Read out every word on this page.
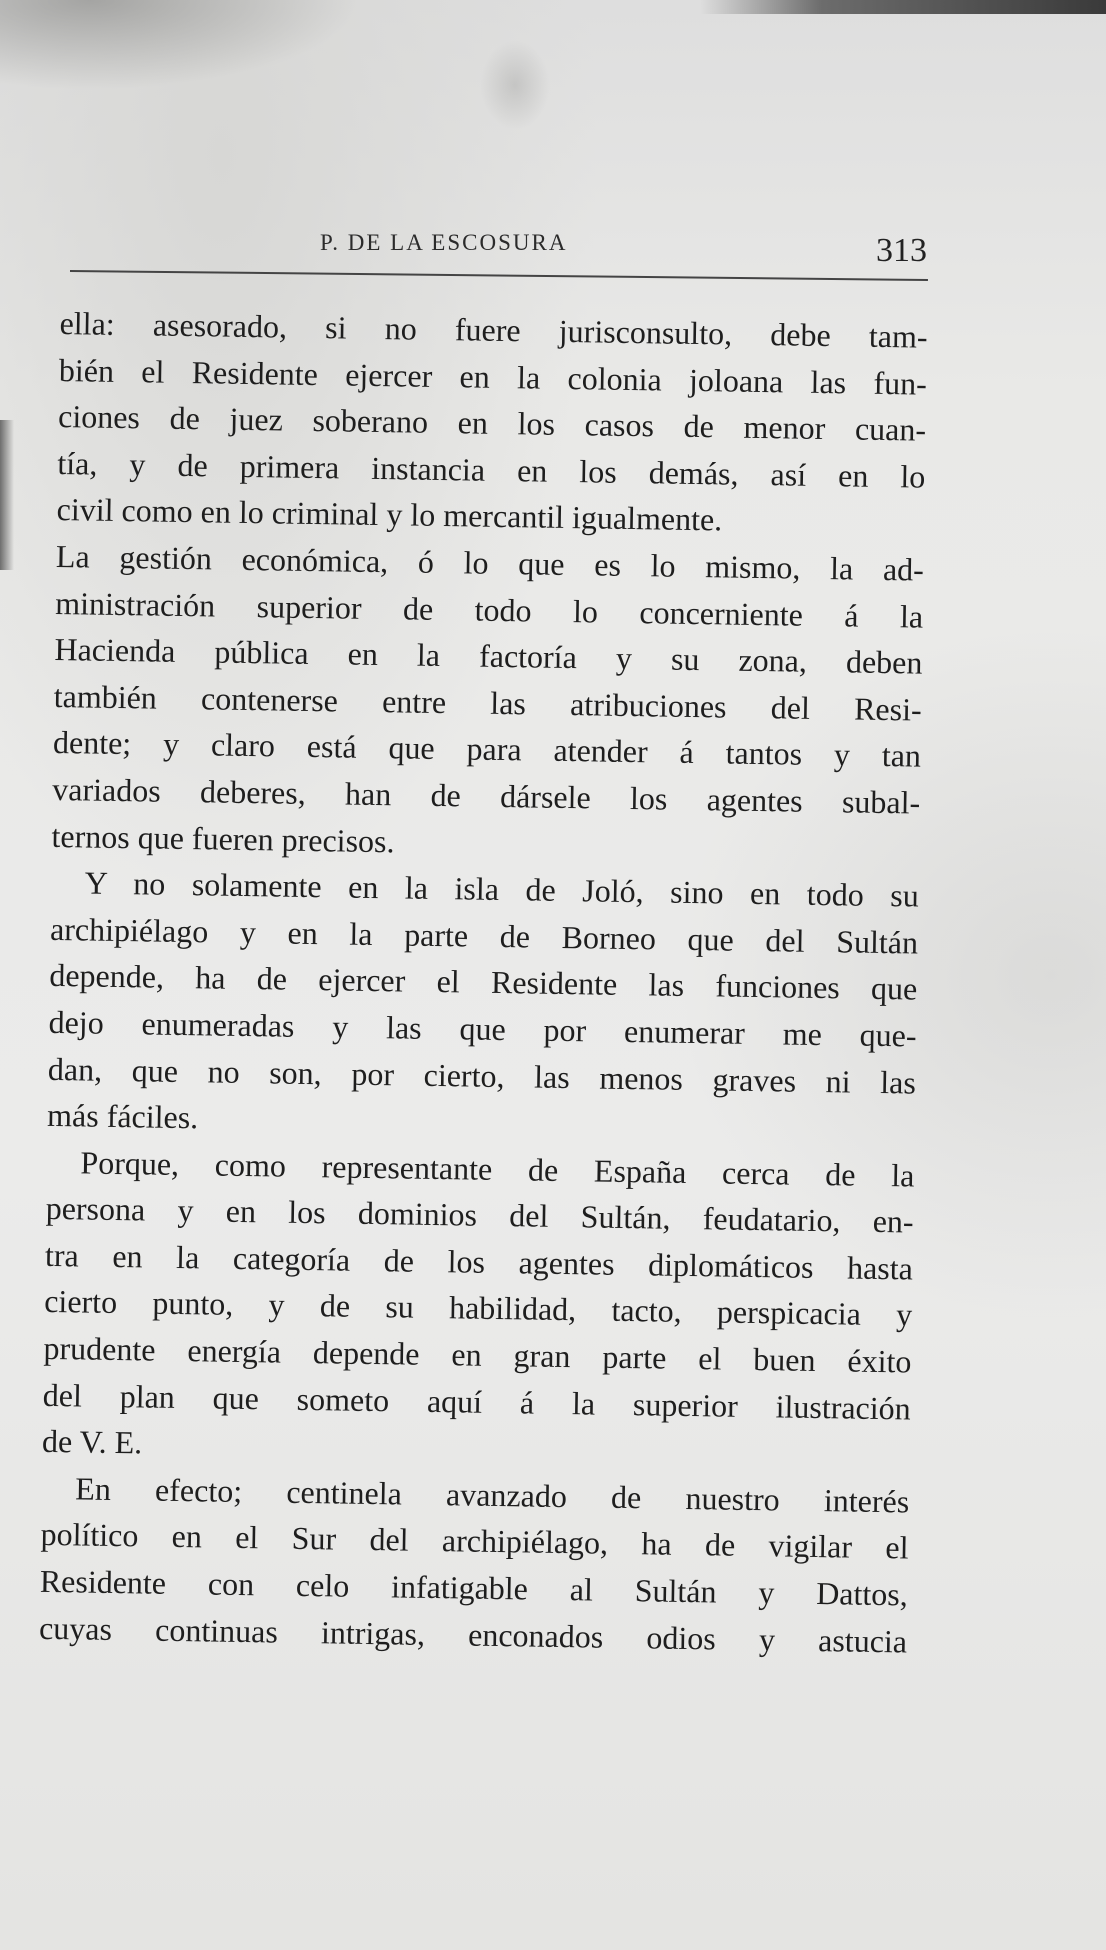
P. DE LA ESCOSURA	313

ella: asesorado, si no fuere jurisconsulto, debe tam-
bién el Residente ejercer en la colonia joloana las fun-
ciones de juez soberano en los casos de menor cuan-
tía, y de primera instancia en los demás, así en lo
civil como en lo criminal y lo mercantil igualmente.

La gestión económica, ó lo que es lo mismo, la ad-
ministración superior de todo lo concerniente á la
Hacienda pública en la factoría y su zona, deben
también contenerse entre las atribuciones del Resi-
dente; y claro está que para atender á tantos y tan
variados deberes, han de dársele los agentes subal-
ternos que fueren precisos.

Y no solamente en la isla de Joló, sino en todo su
archipiélago y en la parte de Borneo que del Sultán
depende, ha de ejercer el Residente las funciones que
dejo enumeradas y las que por enumerar me que-
dan, que no son, por cierto, las menos graves ni las
más fáciles.

Porque, como representante de España cerca de la
persona y en los dominios del Sultán, feudatario, en-
tra en la categoría de los agentes diplomáticos hasta
cierto punto, y de su habilidad, tacto, perspicacia y
prudente energía depende en gran parte el buen éxito
del plan que someto aquí á la superior ilustración
de V. E.

En efecto; centinela avanzado de nuestro interés
político en el Sur del archipiélago, ha de vigilar el
Residente con celo infatigable al Sultán y Dattos,
cuyas continuas intrigas, enconados odios y astucia
